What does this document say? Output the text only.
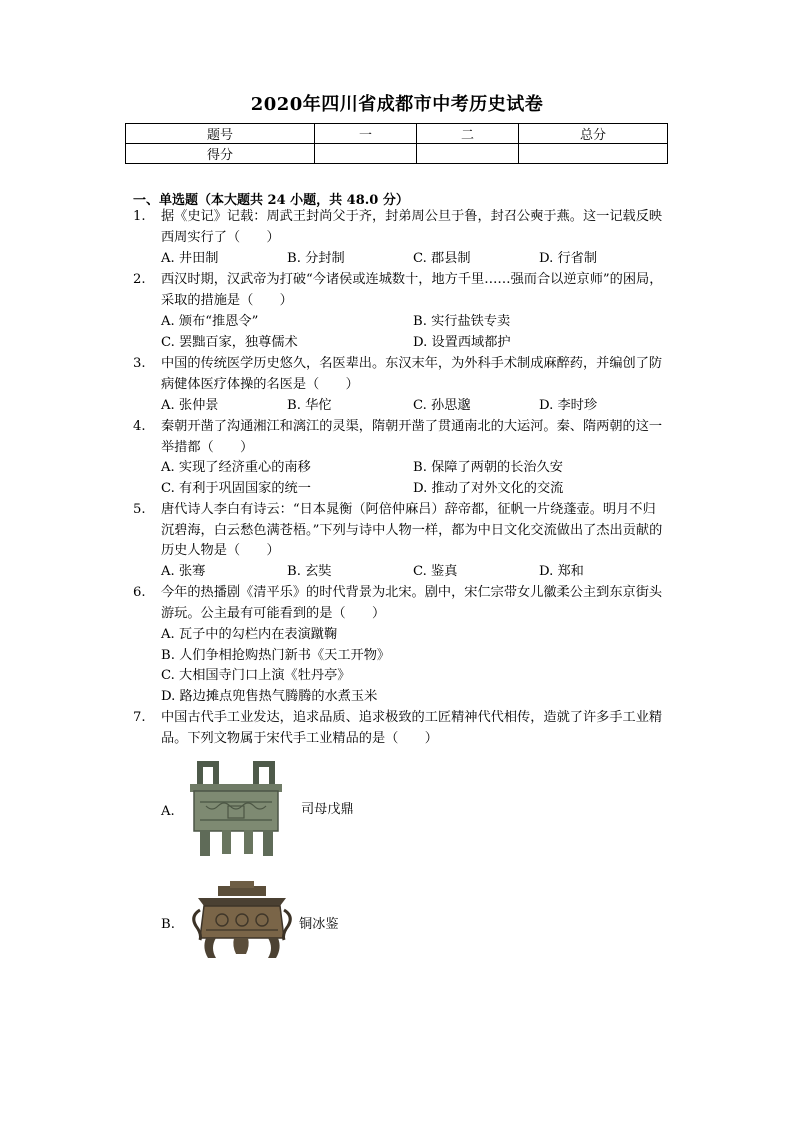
2020年四川省成都市中考历史试卷
题号	一	二	总分
得分			
一、单选题（本大题共 24 小题，共 48.0 分）
1. 据《史记》记载：周武王封尚父于齐，封弟周公旦于鲁，封召公奭于燕。这一记载反映西周实行了（　　）
A. 井田制	B. 分封制	C. 郡县制	D. 行省制
2. 西汉时期，汉武帝为打破“今诸侯或连城数十，地方千里……强而合以逆京师”的困局，采取的措施是（　　）
A. 颁布“推恩令”	B. 实行盐铁专卖
C. 罢黜百家，独尊儒术	D. 设置西域都护
3. 中国的传统医学历史悠久，名医辈出。东汉末年，为外科手术制成麻醉药，并编创了防病健体医疗体操的名医是（　　）
A. 张仲景	B. 华佗	C. 孙思邈	D. 李时珍
4. 秦朝开凿了沟通湘江和漓江的灵渠，隋朝开凿了贯通南北的大运河。秦、隋两朝的这一举措都（　　）
A. 实现了经济重心的南移	B. 保障了两朝的长治久安
C. 有利于巩固国家的统一	D. 推动了对外文化的交流
5. 唐代诗人李白有诗云：“日本晁衡（阿倍仲麻吕）辞帝都，征帆一片绕蓬壶。明月不归沉碧海，白云愁色满苍梧。”下列与诗中人物一样，都为中日文化交流做出了杰出贡献的历史人物是（　　）
A. 张骞	B. 玄奘	C. 鉴真	D. 郑和
6. 今年的热播剧《清平乐》的时代背景为北宋。剧中，宋仁宗带女儿徽柔公主到东京街头游玩。公主最有可能看到的是（　　）
A. 瓦子中的勾栏内在表演蹴鞠
B. 人们争相抢购热门新书《天工开物》
C. 大相国寺门口上演《牡丹亭》
D. 路边摊点兜售热气腾腾的水煮玉米
7. 中国古代手工业发达，追求品质、追求极致的工匠精神代代相传，造就了许多手工业精品。下列文物属于宋代手工业精品的是（　　）
A.	司母戊鼎
B.	铜冰鉴
